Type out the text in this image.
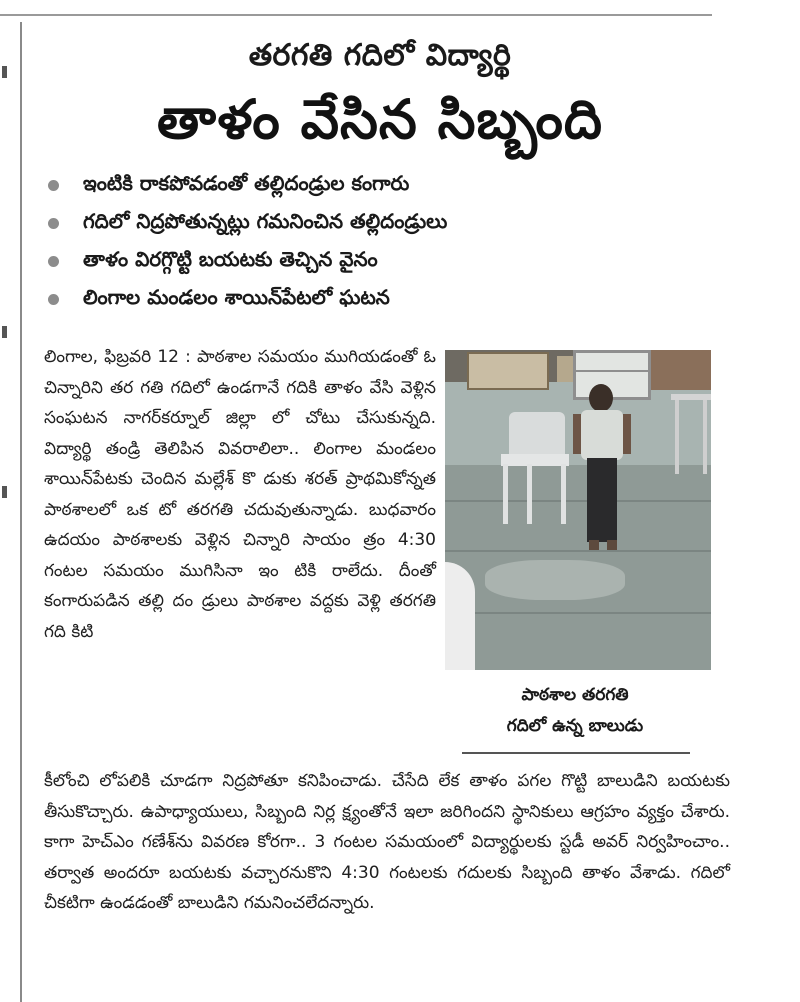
తరగతి గదిలో విద్యార్థి
తాళం వేసిన సిబ్బంది
ఇంటికి రాకపోవడంతో తల్లిదండ్రుల కంగారు
గదిలో నిద్రపోతున్నట్లు గమనించిన తల్లిదండ్రులు
తాళం విరగ్గొట్టి బయటకు తెచ్చిన వైనం
లింగాల మండలం శాయిన్‌పేటలో ఘటన

లింగాల, ఫిబ్రవరి 12 : పాఠశాల సమయం ముగియడంతో ఓ చిన్నారిని తర గతి గదిలో ఉండగానే గదికి తాళం వేసి వెళ్లిన సంఘటన నాగర్‌కర్నూల్ జిల్లా లో చోటు చేసుకున్నది. విద్యార్థి తండ్రి తెలిపిన వివరాలిలా.. లింగాల మండలం శాయిన్‌పేటకు చెందిన మల్లేశ్ కొ డుకు శరత్ ప్రాథమికోన్నత పాఠశాలలో ఒక టో తరగతి చదువుతున్నాడు. బుధవారం ఉదయం పాఠశాలకు వెళ్లిన చిన్నారి సాయం త్రం 4:30 గంటల సమయం ముగిసినా ఇం టికి రాలేదు. దీంతో కంగారుపడిన తల్లి దం డ్రులు పాఠశాల వద్దకు వెళ్లి తరగతి గది కిటి

పాఠశాల తరగతి
గదిలో ఉన్న బాలుడు

కీలోంచి లోపలికి చూడగా నిద్రపోతూ కనిపించాడు. చేసేది లేక తాళం పగల గొట్టి బాలుడిని బయటకు తీసుకొచ్చారు. ఉపాధ్యాయులు, సిబ్బంది నిర్ల క్ష్యంతోనే ఇలా జరిగిందని స్థానికులు ఆగ్రహం వ్యక్తం చేశారు. కాగా హెచ్‌ఎం గణేశ్‌ను వివరణ కోరగా.. 3 గంటల సమయంలో విద్యార్థులకు స్టడీ అవర్ నిర్వహించాం.. తర్వాత అందరూ బయటకు వచ్చారనుకొని 4:30 గంటలకు గదులకు సిబ్బంది తాళం వేశాడు. గదిలో చీకటిగా ఉండడంతో బాలుడిని గమనించలేదన్నారు.
